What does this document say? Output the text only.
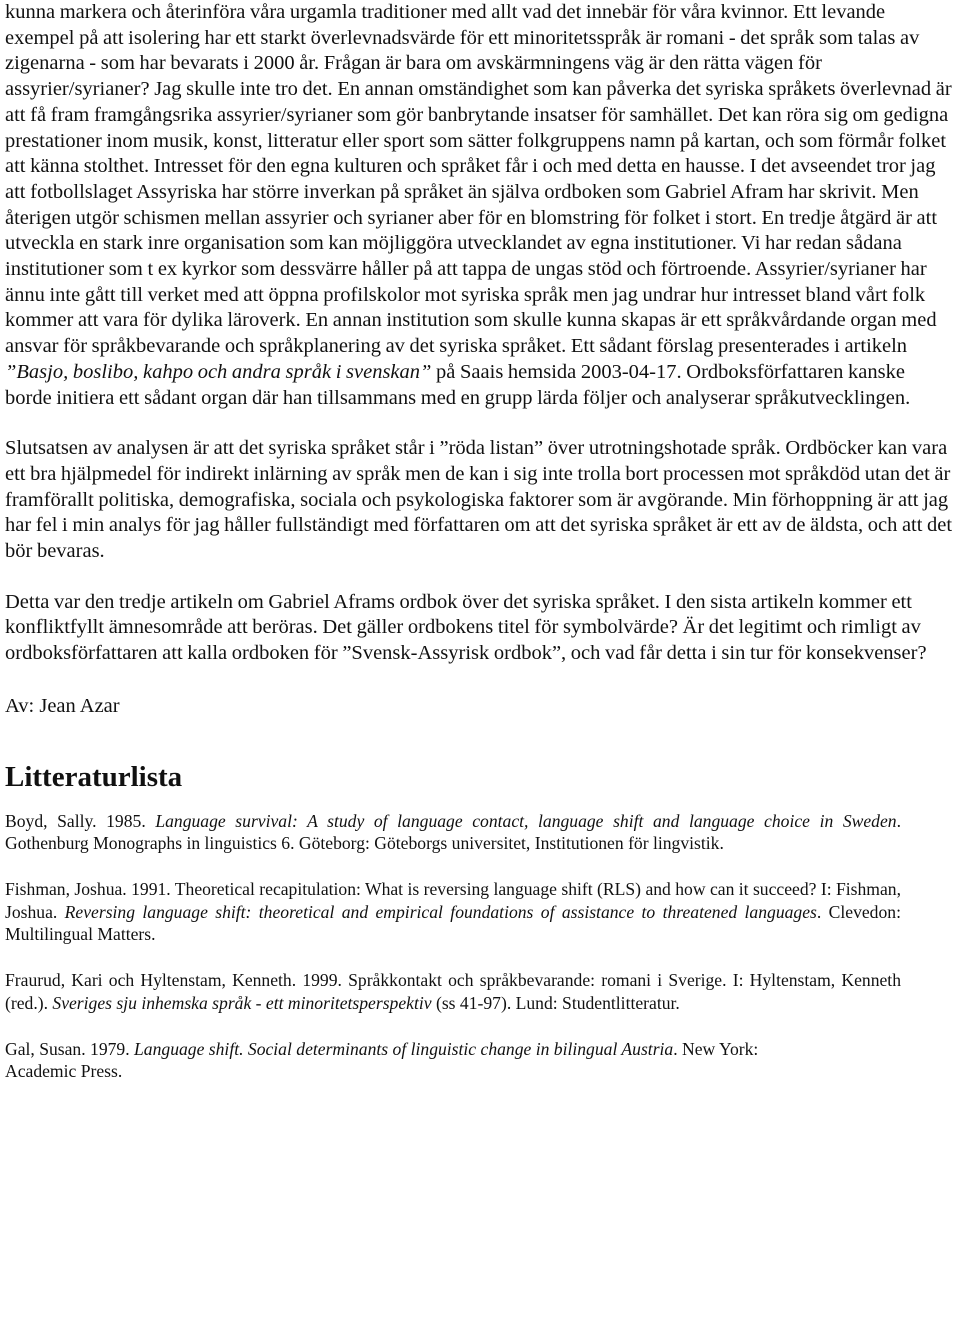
kunna markera och återinföra våra urgamla traditioner med allt vad det innebär för våra kvinnor. Ett levande exempel på att isolering har ett starkt överlevnadsvärde för ett minoritetsspråk är romani - det språk som talas av zigenarna - som har bevarats i 2000 år. Frågan är bara om avskärmningens väg är den rätta vägen för assyrier/syrianer? Jag skulle inte tro det. En annan omständighet som kan påverka det syriska språkets överlevnad är att få fram framgångsrika assyrier/syrianer som gör banbrytande insatser för samhället. Det kan röra sig om gedigna prestationer inom musik, konst, litteratur eller sport som sätter folkgruppens namn på kartan, och som förmår folket att känna stolthet. Intresset för den egna kulturen och språket får i och med detta en hausse. I det avseendet tror jag att fotbollslaget Assyriska har större inverkan på språket än själva ordboken som Gabriel Afram har skrivit. Men återigen utgör schismen mellan assyrier och syrianer aber för en blomstring för folket i stort. En tredje åtgärd är att utveckla en stark inre organisation som kan möjliggöra utvecklandet av egna institutioner. Vi har redan sådana institutioner som t ex kyrkor som dessvärre håller på att tappa de ungas stöd och förtroende. Assyrier/syrianer har ännu inte gått till verket med att öppna profilskolor mot syriska språk men jag undrar hur intresset bland vårt folk kommer att vara för dylika läroverk. En annan institution som skulle kunna skapas är ett språkvårdande organ med ansvar för språkbevarande och språkplanering av det syriska språket. Ett sådant förslag presenterades i artikeln ”Basjo, boslibo, kahpo och andra språk i svenskan” på Saais hemsida 2003-04-17. Ordboksförfattaren kanske borde initiera ett sådant organ där han tillsammans med en grupp lärda följer och analyserar språkutvecklingen.

Slutsatsen av analysen är att det syriska språket står i ”röda listan” över utrotningshotade språk. Ordböcker kan vara ett bra hjälpmedel för indirekt inlärning av språk men de kan i sig inte trolla bort processen mot språkdöd utan det är framförallt politiska, demografiska, sociala och psykologiska faktorer som är avgörande. Min förhoppning är att jag har fel i min analys för jag håller fullständigt med författaren om att det syriska språket är ett av de äldsta, och att det bör bevaras.

Detta var den tredje artikeln om Gabriel Aframs ordbok över det syriska språket. I den sista artikeln kommer ett konfliktfyllt ämnesområde att beröras. Det gäller ordbokens titel för symbolvärde? Är det legitimt och rimligt av ordboksförfattaren att kalla ordboken för ”Svensk-Assyrisk ordbok”, och vad får detta i sin tur för konsekvenser?

Av: Jean Azar

Litteraturlista

Boyd, Sally. 1985. Language survival: A study of language contact, language shift and language choice in Sweden. Gothenburg Monographs in linguistics 6. Göteborg: Göteborgs universitet, Institutionen för lingvistik.

Fishman, Joshua. 1991. Theoretical recapitulation: What is reversing language shift (RLS) and how can it succeed? I: Fishman, Joshua. Reversing language shift: theoretical and empirical foundations of assistance to threatened languages. Clevedon: Multilingual Matters.

Fraurud, Kari och Hyltenstam, Kenneth. 1999. Språkkontakt och språkbevarande: romani i Sverige. I: Hyltenstam, Kenneth (red.). Sveriges sju inhemska språk - ett minoritetsperspektiv (ss 41-97). Lund: Studentlitteratur.

Gal, Susan. 1979. Language shift. Social determinants of linguistic change in bilingual Austria. New York: Academic Press.
